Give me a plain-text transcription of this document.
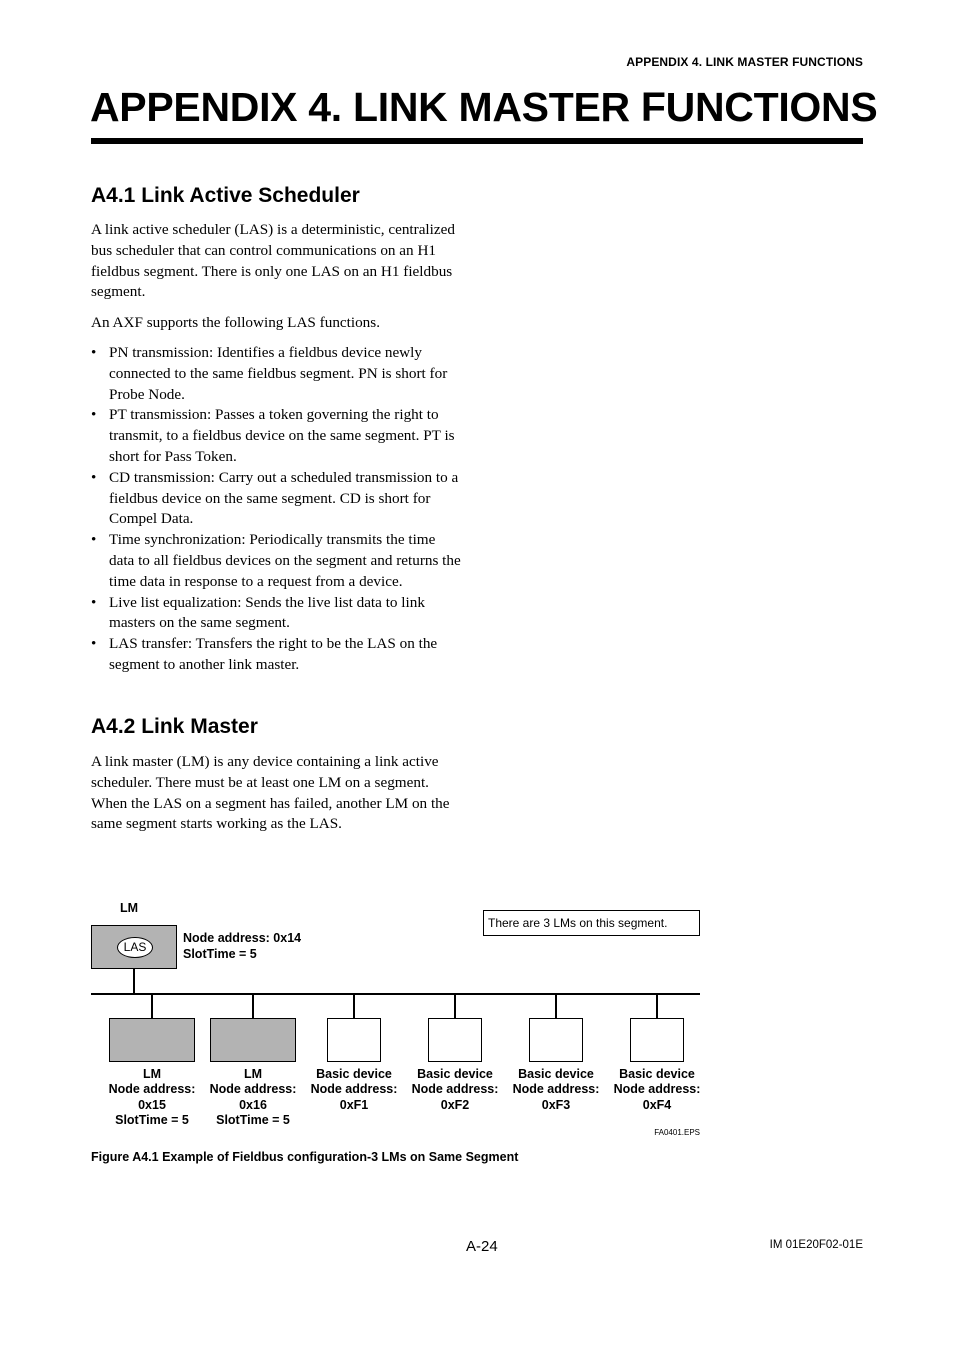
APPENDIX 4. LINK MASTER FUNCTIONS
APPENDIX 4. LINK MASTER FUNCTIONS
A4.1 Link Active Scheduler

A link active scheduler (LAS) is a deterministic, centralized bus scheduler that can control communications on an H1 fieldbus segment. There is only one LAS on an H1 fieldbus segment.

An AXF supports the following LAS functions.

• PN transmission: Identifies a fieldbus device newly connected to the same fieldbus segment. PN is short for Probe Node.
• PT transmission: Passes a token governing the right to transmit, to a fieldbus device on the same segment. PT is short for Pass Token.
• CD transmission: Carry out a scheduled transmission to a fieldbus device on the same segment. CD is short for Compel Data.
• Time synchronization: Periodically transmits the time data to all fieldbus devices on the segment and returns the time data in response to a request from a device.
• Live list equalization: Sends the live list data to link masters on the same segment.
• LAS transfer: Transfers the right to be the LAS on the segment to another link master.
A4.2 Link Master

A link master (LM) is any device containing a link active scheduler. There must be at least one LM on a segment. When the LAS on a segment has failed, another LM on the same segment starts working as the LAS.

LM
LAS
Node address: 0x14
SlotTime = 5
There are 3 LMs on this segment.
LM
Node address:
0x15
SlotTime = 5
LM
Node address:
0x16
SlotTime = 5
Basic device
Node address:
0xF1
Basic device
Node address:
0xF2
Basic device
Node address:
0xF3
Basic device
Node address:
0xF4
FA0401.EPS
Figure A4.1 Example of Fieldbus configuration-3 LMs on Same Segment
A-24	IM 01E20F02-01E
